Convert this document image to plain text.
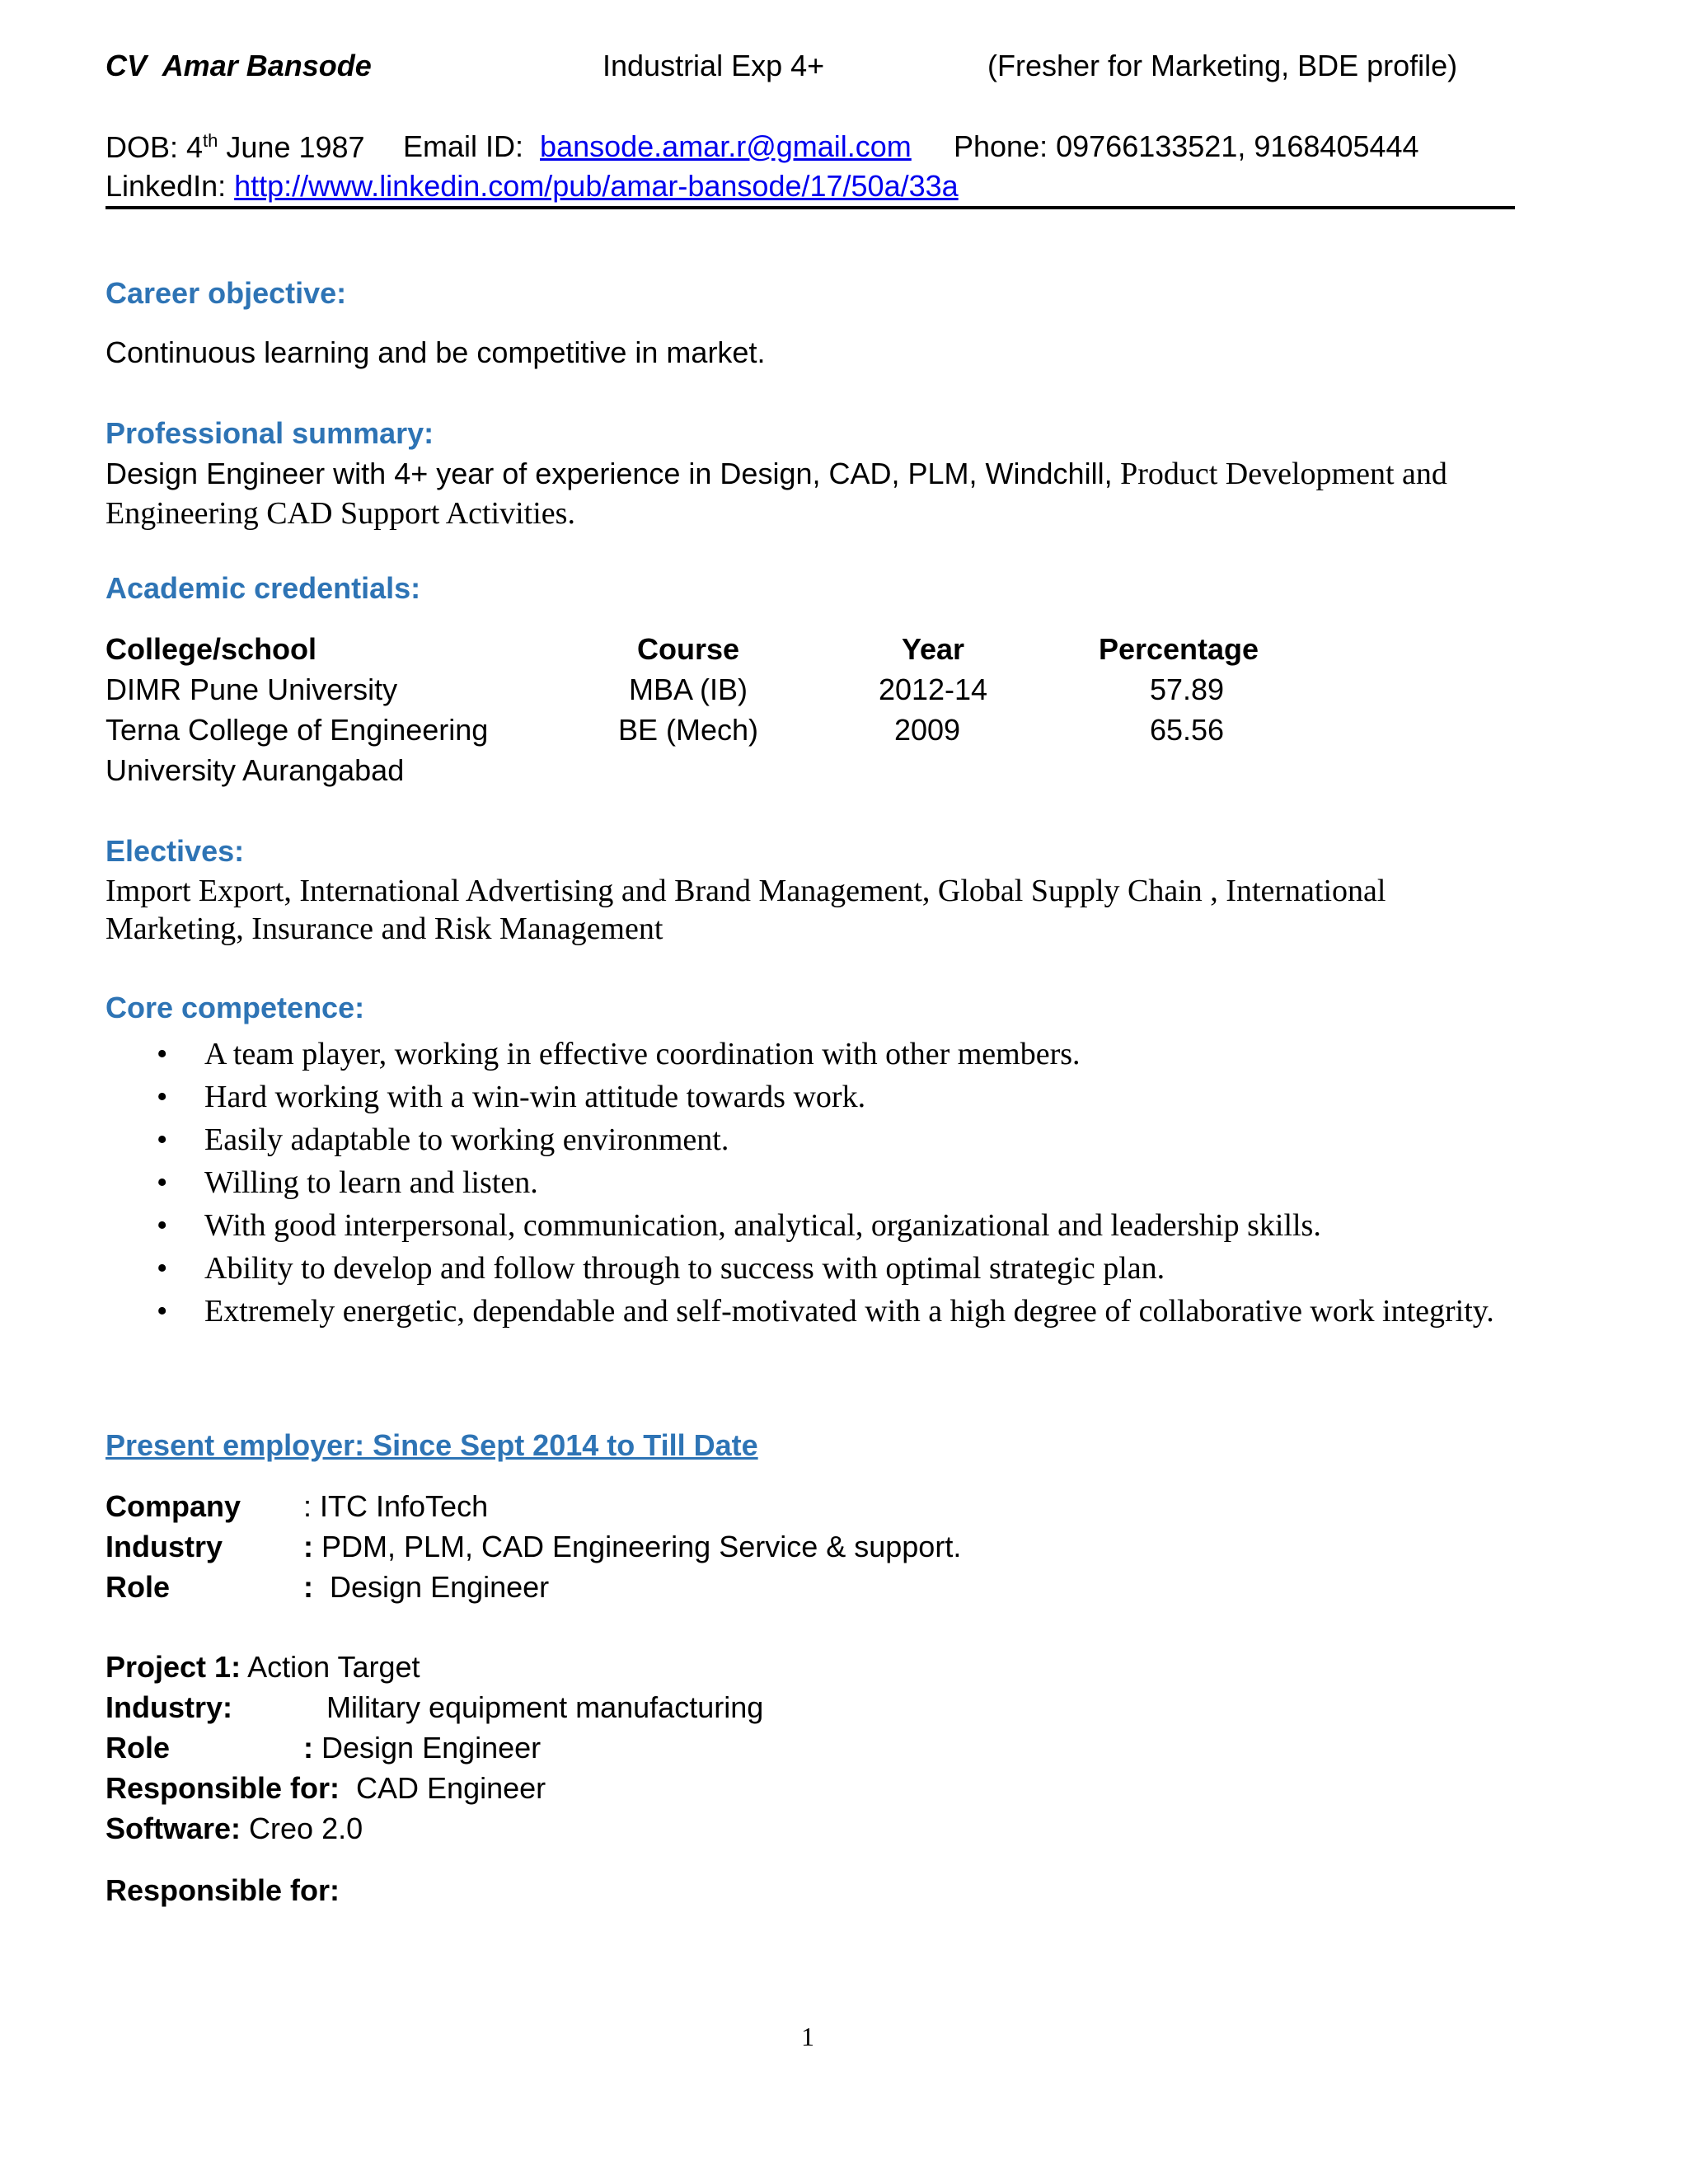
CV Amar Bansode	Industrial Exp 4+	(Fresher for Marketing, BDE profile)
DOB: 4th June 1987 Email ID: bansode.amar.r@gmail.com Phone: 09766133521, 9168405444
LinkedIn: http://www.linkedin.com/pub/amar-bansode/17/50a/33a
Career objective:
Continuous learning and be competitive in market.
Professional summary:
Design Engineer with 4+ year of experience in Design, CAD, PLM, Windchill, Product Development and
Engineering CAD Support Activities.
Academic credentials:
College/school	Course	Year	Percentage
DIMR Pune University	MBA (IB)	2012-14	57.89
Terna College of Engineering	BE (Mech)	2009	65.56
University Aurangabad
Electives:
Import Export, International Advertising and Brand Management, Global Supply Chain , International
Marketing, Insurance and Risk Management
Core competence:
• A team player, working in effective coordination with other members.
• Hard working with a win-win attitude towards work.
• Easily adaptable to working environment.
• Willing to learn and listen.
• With good interpersonal, communication, analytical, organizational and leadership skills.
• Ability to develop and follow through to success with optimal strategic plan.
• Extremely energetic, dependable and self-motivated with a high degree of collaborative work integrity.
Present employer: Since Sept 2014 to Till Date
Company : ITC InfoTech
Industry	: PDM, PLM, CAD Engineering Service & support.
Role	:  Design Engineer
Project 1: Action Target
Industry:	Military equipment manufacturing
Role	: Design Engineer
Responsible for:  CAD Engineer
Software: Creo 2.0
Responsible for:
1
